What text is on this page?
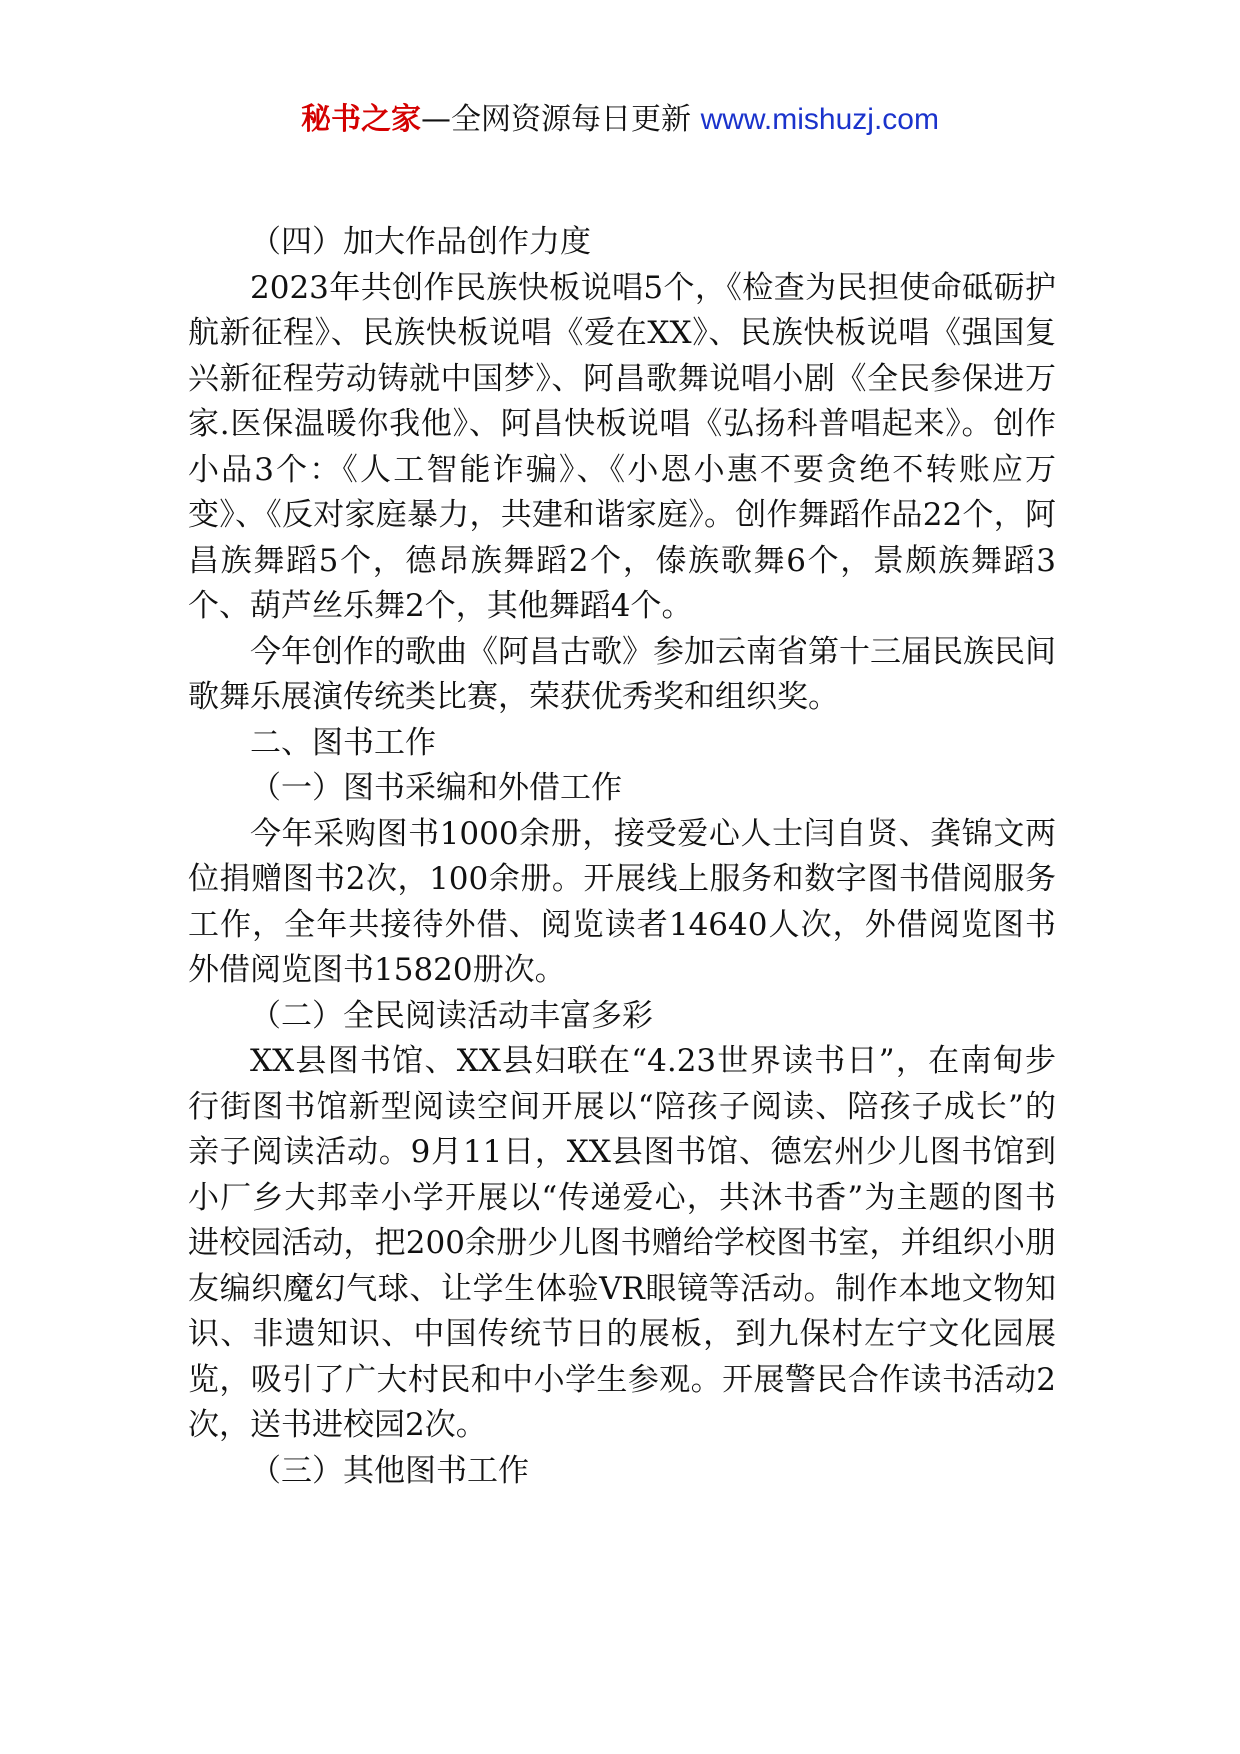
秘书之家—全网资源每日更新 www.mishuzj.com

（四）加大作品创作力度

2023年共创作民族快板说唱5个，《检查为民担使命砥砺护航新征程》、民族快板说唱《爱在XX》、民族快板说唱《强国复兴新征程劳动铸就中国梦》、阿昌歌舞说唱小剧《全民参保进万家.医保温暖你我他》、阿昌快板说唱《弘扬科普唱起来》。创作小品3个：《人工智能诈骗》、《小恩小惠不要贪绝不转账应万变》、《反对家庭暴力，共建和谐家庭》。创作舞蹈作品22个，阿昌族舞蹈5个，德昂族舞蹈2个，傣族歌舞6个，景颇族舞蹈3个、葫芦丝乐舞2个，其他舞蹈4个。

今年创作的歌曲《阿昌古歌》参加云南省第十三届民族民间歌舞乐展演传统类比赛，荣获优秀奖和组织奖。

二、图书工作

（一）图书采编和外借工作

今年采购图书1000余册，接受爱心人士闫自贤、龚锦文两位捐赠图书2次，100余册。开展线上服务和数字图书借阅服务工作，全年共接待外借、阅览读者14640人次，外借阅览图书外借阅览图书15820册次。

（二）全民阅读活动丰富多彩

XX县图书馆、XX县妇联在“4.23世界读书日”，在南甸步行街图书馆新型阅读空间开展以“陪孩子阅读、陪孩子成长”的亲子阅读活动。9月11日，XX县图书馆、德宏州少儿图书馆到小厂乡大邦幸小学开展以“传递爱心，共沐书香”为主题的图书进校园活动，把200余册少儿图书赠给学校图书室，并组织小朋友编织魔幻气球、让学生体验VR眼镜等活动。制作本地文物知识、非遗知识、中国传统节日的展板，到九保村左宁文化园展览，吸引了广大村民和中小学生参观。开展警民合作读书活动2次，送书进校园2次。

（三）其他图书工作
